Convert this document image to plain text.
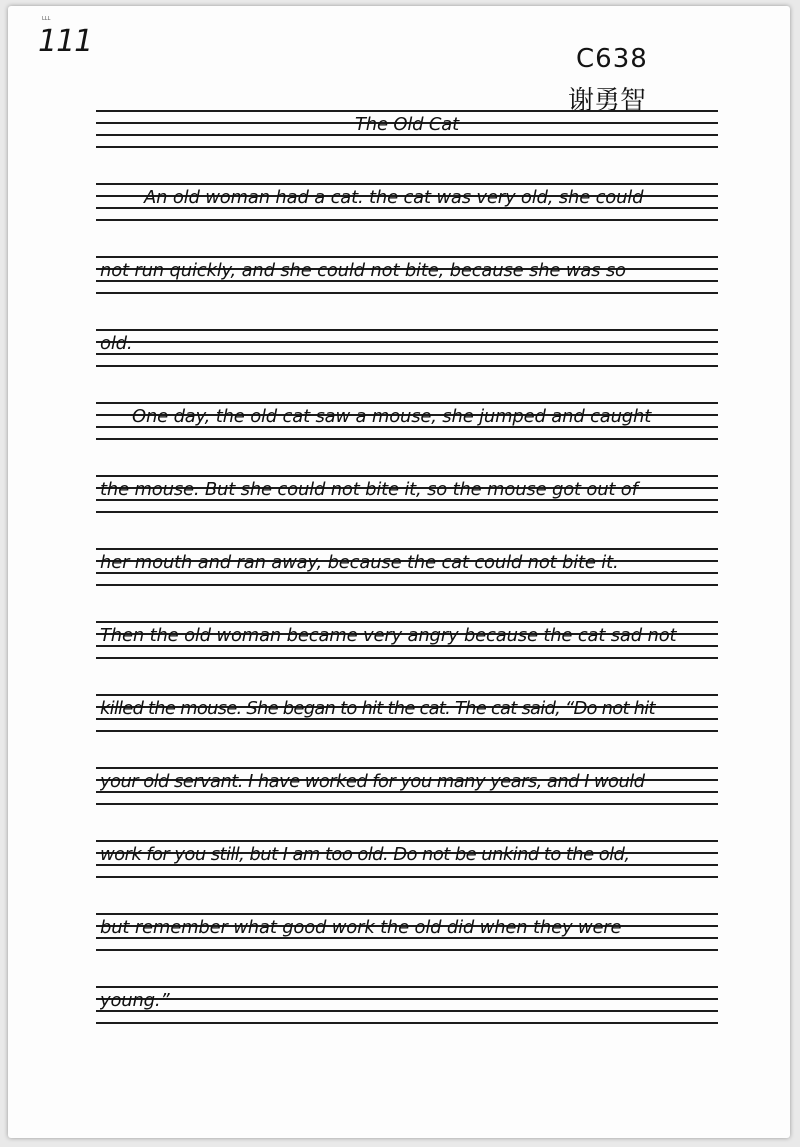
LLL
111	C638
谢勇智
The Old Cat
An old woman had a cat. the cat was very old, she could
not run quickly, and she could not bite, because she was so
old.
One day, the old cat saw a mouse, she jumped and caught
the mouse. But she could not bite it, so the mouse got out of
her mouth and ran away, because the cat could not bite it.
Then the old woman became very angry because the cat sad not
killed the mouse. She began to hit the cat. The cat said, “Do not hit
your old servant. I have worked for you many years, and I would
work for you still, but I am too old. Do not be unkind to the old,
but remember what good work the old did when they were
young.”
